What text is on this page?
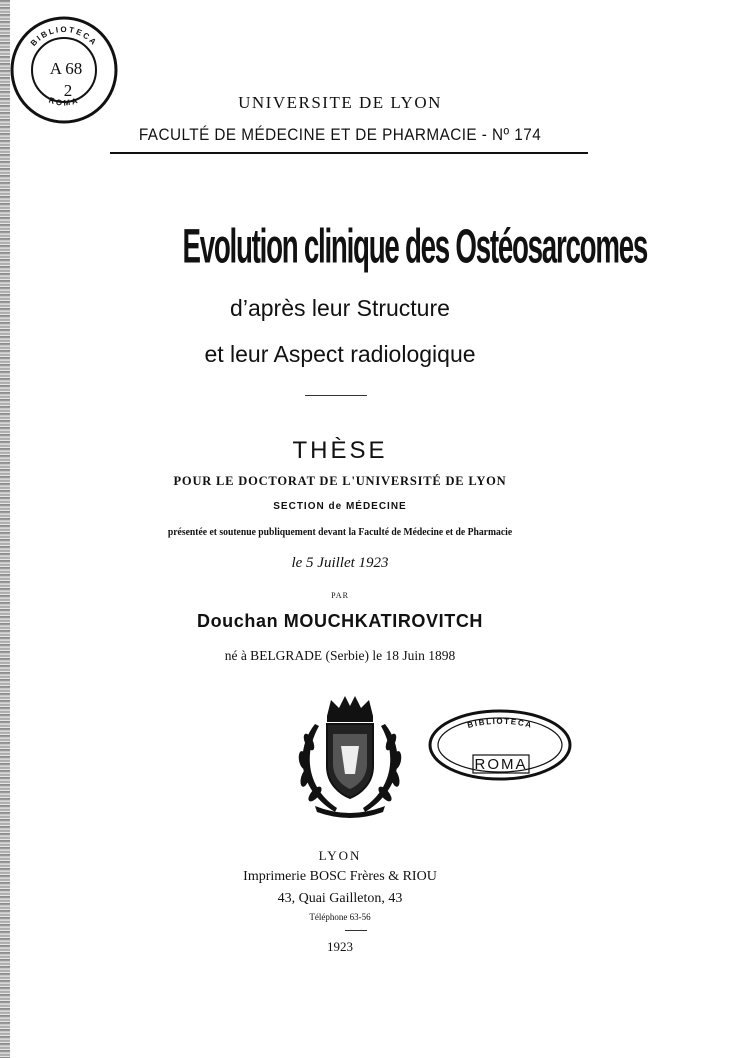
BIBLIOTECA
ROMA
A 68
2
UNIVERSITE DE LYON
FACULTÉ DE MÉDECINE ET DE PHARMACIE - Nº 174
Evolution clinique des Ostéosarcomes
d’après leur Structure
et leur Aspect radiologique
THÈSE
POUR LE DOCTORAT DE L'UNIVERSITÉ DE LYON
SECTION de MÉDECINE
présentée et soutenue publiquement devant la Faculté de Médecine et de Pharmacie
le 5 Juillet 1923
PAR
Douchan MOUCHKATIROVITCH
né à BELGRADE (Serbie) le 18 Juin 1898
BIBLIOTECA
ROMA
LYON
Imprimerie BOSC Frères & RIOU
43, Quai Gailleton, 43
Téléphone 63-56
1923
